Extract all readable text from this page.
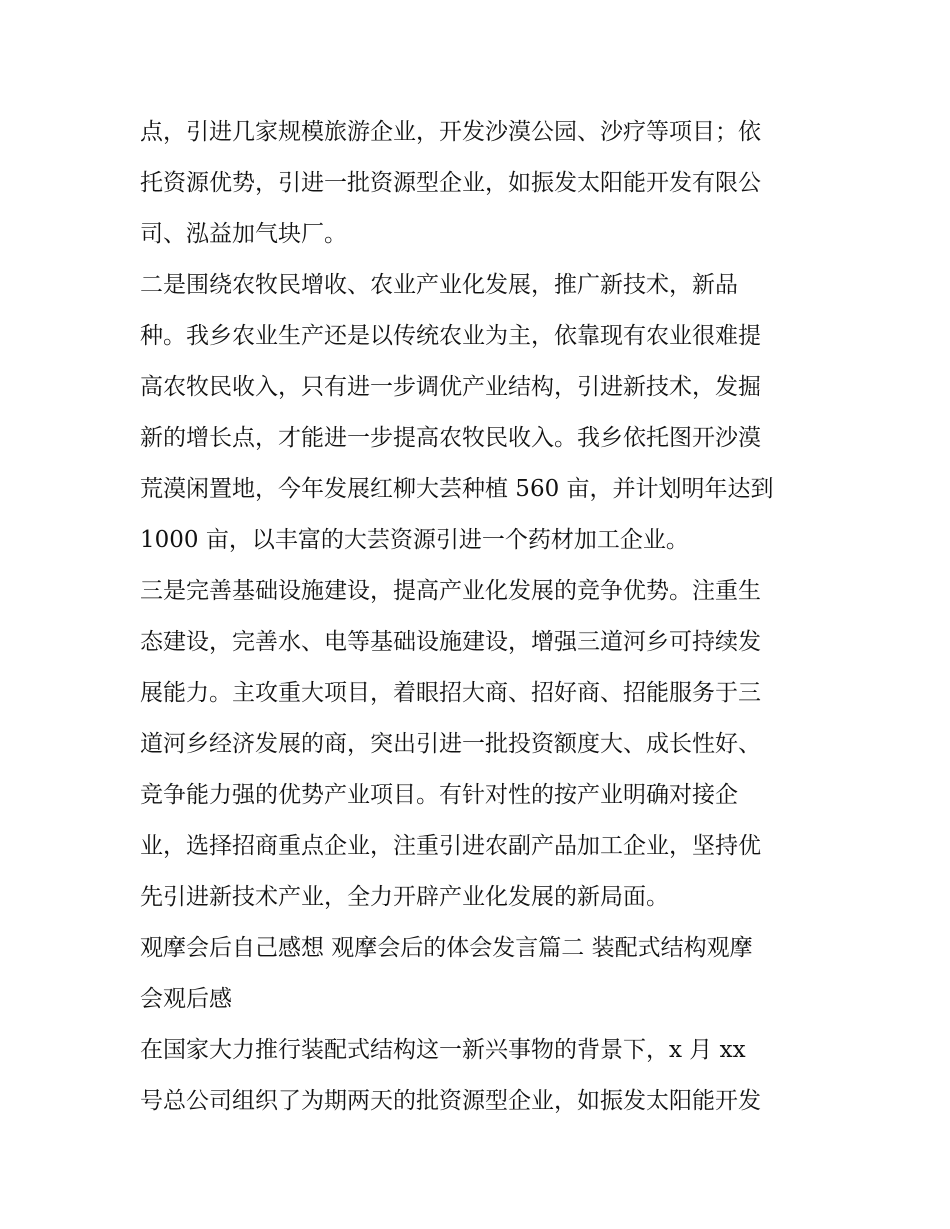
点，引进几家规模旅游企业，开发沙漠公园、沙疗等项目；依
托资源优势，引进一批资源型企业，如振发太阳能开发有限公
司、泓益加气块厂。
二是围绕农牧民增收、农业产业化发展，推广新技术，新品
种。我乡农业生产还是以传统农业为主，依靠现有农业很难提
高农牧民收入，只有进一步调优产业结构，引进新技术，发掘
新的增长点，才能进一步提高农牧民收入。我乡依托图开沙漠
荒漠闲置地，今年发展红柳大芸种植 560 亩，并计划明年达到
1000 亩，以丰富的大芸资源引进一个药材加工企业。
三是完善基础设施建设，提高产业化发展的竞争优势。注重生
态建设，完善水、电等基础设施建设，增强三道河乡可持续发
展能力。主攻重大项目，着眼招大商、招好商、招能服务于三
道河乡经济发展的商，突出引进一批投资额度大、成长性好、
竞争能力强的优势产业项目。有针对性的按产业明确对接企
业，选择招商重点企业，注重引进农副产品加工企业，坚持优
先引进新技术产业，全力开辟产业化发展的新局面。
观摩会后自己感想 观摩会后的体会发言篇二 装配式结构观摩
会观后感
在国家大力推行装配式结构这一新兴事物的背景下，x 月 xx
号总公司组织了为期两天的批资源型企业，如振发太阳能开发
